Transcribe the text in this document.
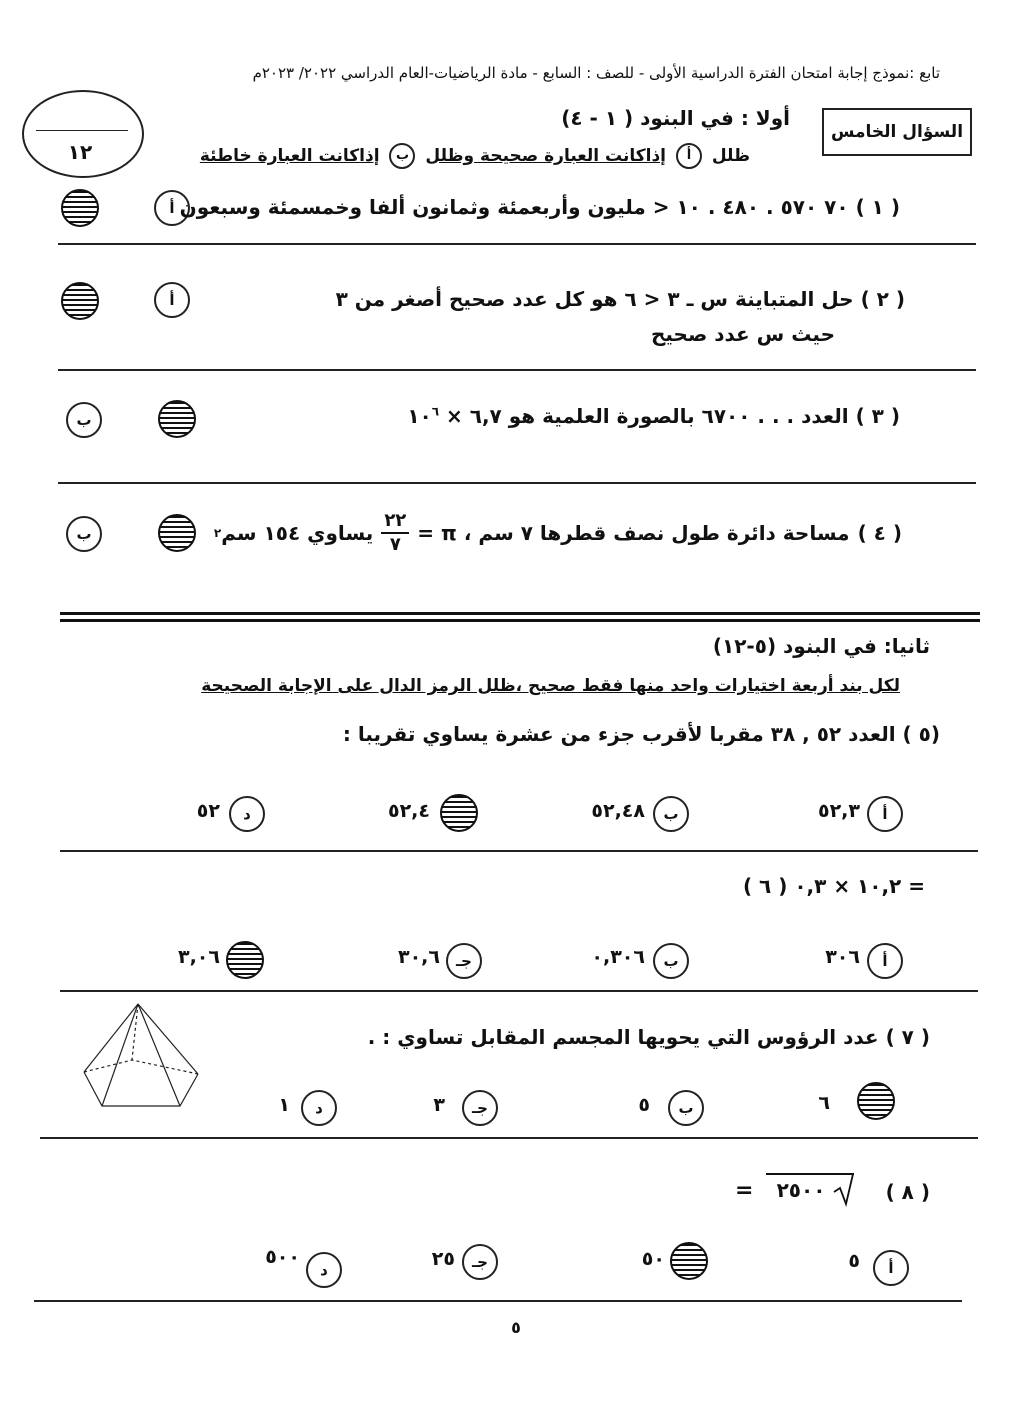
تابع :نموذج إجابة امتحان الفترة الدراسية الأولى - للصف : السابع - مادة الرياضيات-العام الدراسي ٢٠٢٢/ ٢٠٢٣م
١٢
السؤال الخامس
أولا : في البنود ( ١ - ٤)
ظلل أ إذاكانت العبارة صحيحة وظلل ب إذاكانت العبارة خاطئة
أ	( ١ ) ٧٠ ٥٧٠ . ٤٨٠ . ١٠ < مليون وأربعمئة وثمانون ألفا وخمسمئة وسبعون
أ	( ٢ ) حل المتباينة س ـ ٣ < ٦ هو كل عدد صحيح أصغر من ٣
حيث س عدد صحيح
ب	( ٣ ) العدد . . . ٦٧٠٠ بالصورة العلمية هو ٦,٧ × $١٠^٦$
ب	( ٤ )
مساحة دائرة طول نصف قطرها ٧ سم ، π =
٢٢
٧
يساوي ١٥٤ سم
٢
ثانيا: في البنود (٥-١٢)
لكل بند أربعة اختيارات واحد منها فقط صحيح ،ظلل الرمز الدال على الإجابة الصحيحة
(٥ ) العدد ٥٢ , ٣٨ مقربا لأقرب جزء من عشرة يساوي تقريبا :
أ
٥٢,٣
ب
٥٢,٤٨
٥٢,٤
د
٥٢
( ٦ ) ١٠,٢ × ٠,٣ =
أ
٣٠٦
ب
٠,٣٠٦
جـ
٣٠,٦
٣,٠٦
( ٧ ) عدد الرؤوس التي يحويها المجسم المقابل تساوي : .
٦
ب
٥
جـ
٣
د
١
( ٨ )
٢٥٠٠
=
أ
٥
٥٠
جـ
٢٥
د
٥٠٠
٥
